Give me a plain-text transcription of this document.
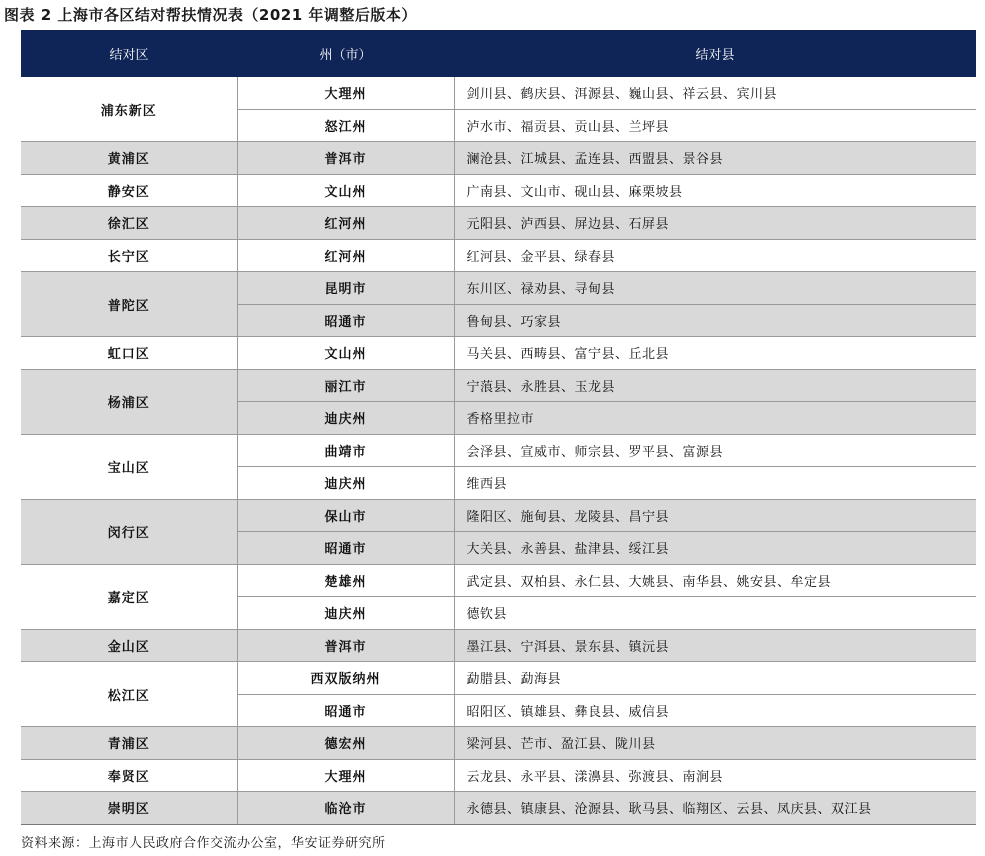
图表 2 上海市各区结对帮扶情况表（2021 年调整后版本）
结对区	州（市）	结对县
浦东新区	大理州	剑川县、鹤庆县、洱源县、巍山县、祥云县、宾川县
	怒江州	泸水市、福贡县、贡山县、兰坪县
黄浦区	普洱市	澜沧县、江城县、孟连县、西盟县、景谷县
静安区	文山州	广南县、文山市、砚山县、麻栗坡县
徐汇区	红河州	元阳县、泸西县、屏边县、石屏县
长宁区	红河州	红河县、金平县、绿春县
普陀区	昆明市	东川区、禄劝县、寻甸县
	昭通市	鲁甸县、巧家县
虹口区	文山州	马关县、西畴县、富宁县、丘北县
杨浦区	丽江市	宁蒗县、永胜县、玉龙县
	迪庆州	香格里拉市
宝山区	曲靖市	会泽县、宣威市、师宗县、罗平县、富源县
	迪庆州	维西县
闵行区	保山市	隆阳区、施甸县、龙陵县、昌宁县
	昭通市	大关县、永善县、盐津县、绥江县
嘉定区	楚雄州	武定县、双柏县、永仁县、大姚县、南华县、姚安县、牟定县
	迪庆州	德钦县
金山区	普洱市	墨江县、宁洱县、景东县、镇沅县
松江区	西双版纳州	勐腊县、勐海县
	昭通市	昭阳区、镇雄县、彝良县、威信县
青浦区	德宏州	梁河县、芒市、盈江县、陇川县
奉贤区	大理州	云龙县、永平县、漾濞县、弥渡县、南涧县
崇明区	临沧市	永德县、镇康县、沧源县、耿马县、临翔区、云县、凤庆县、双江县
资料来源：上海市人民政府合作交流办公室，华安证券研究所
